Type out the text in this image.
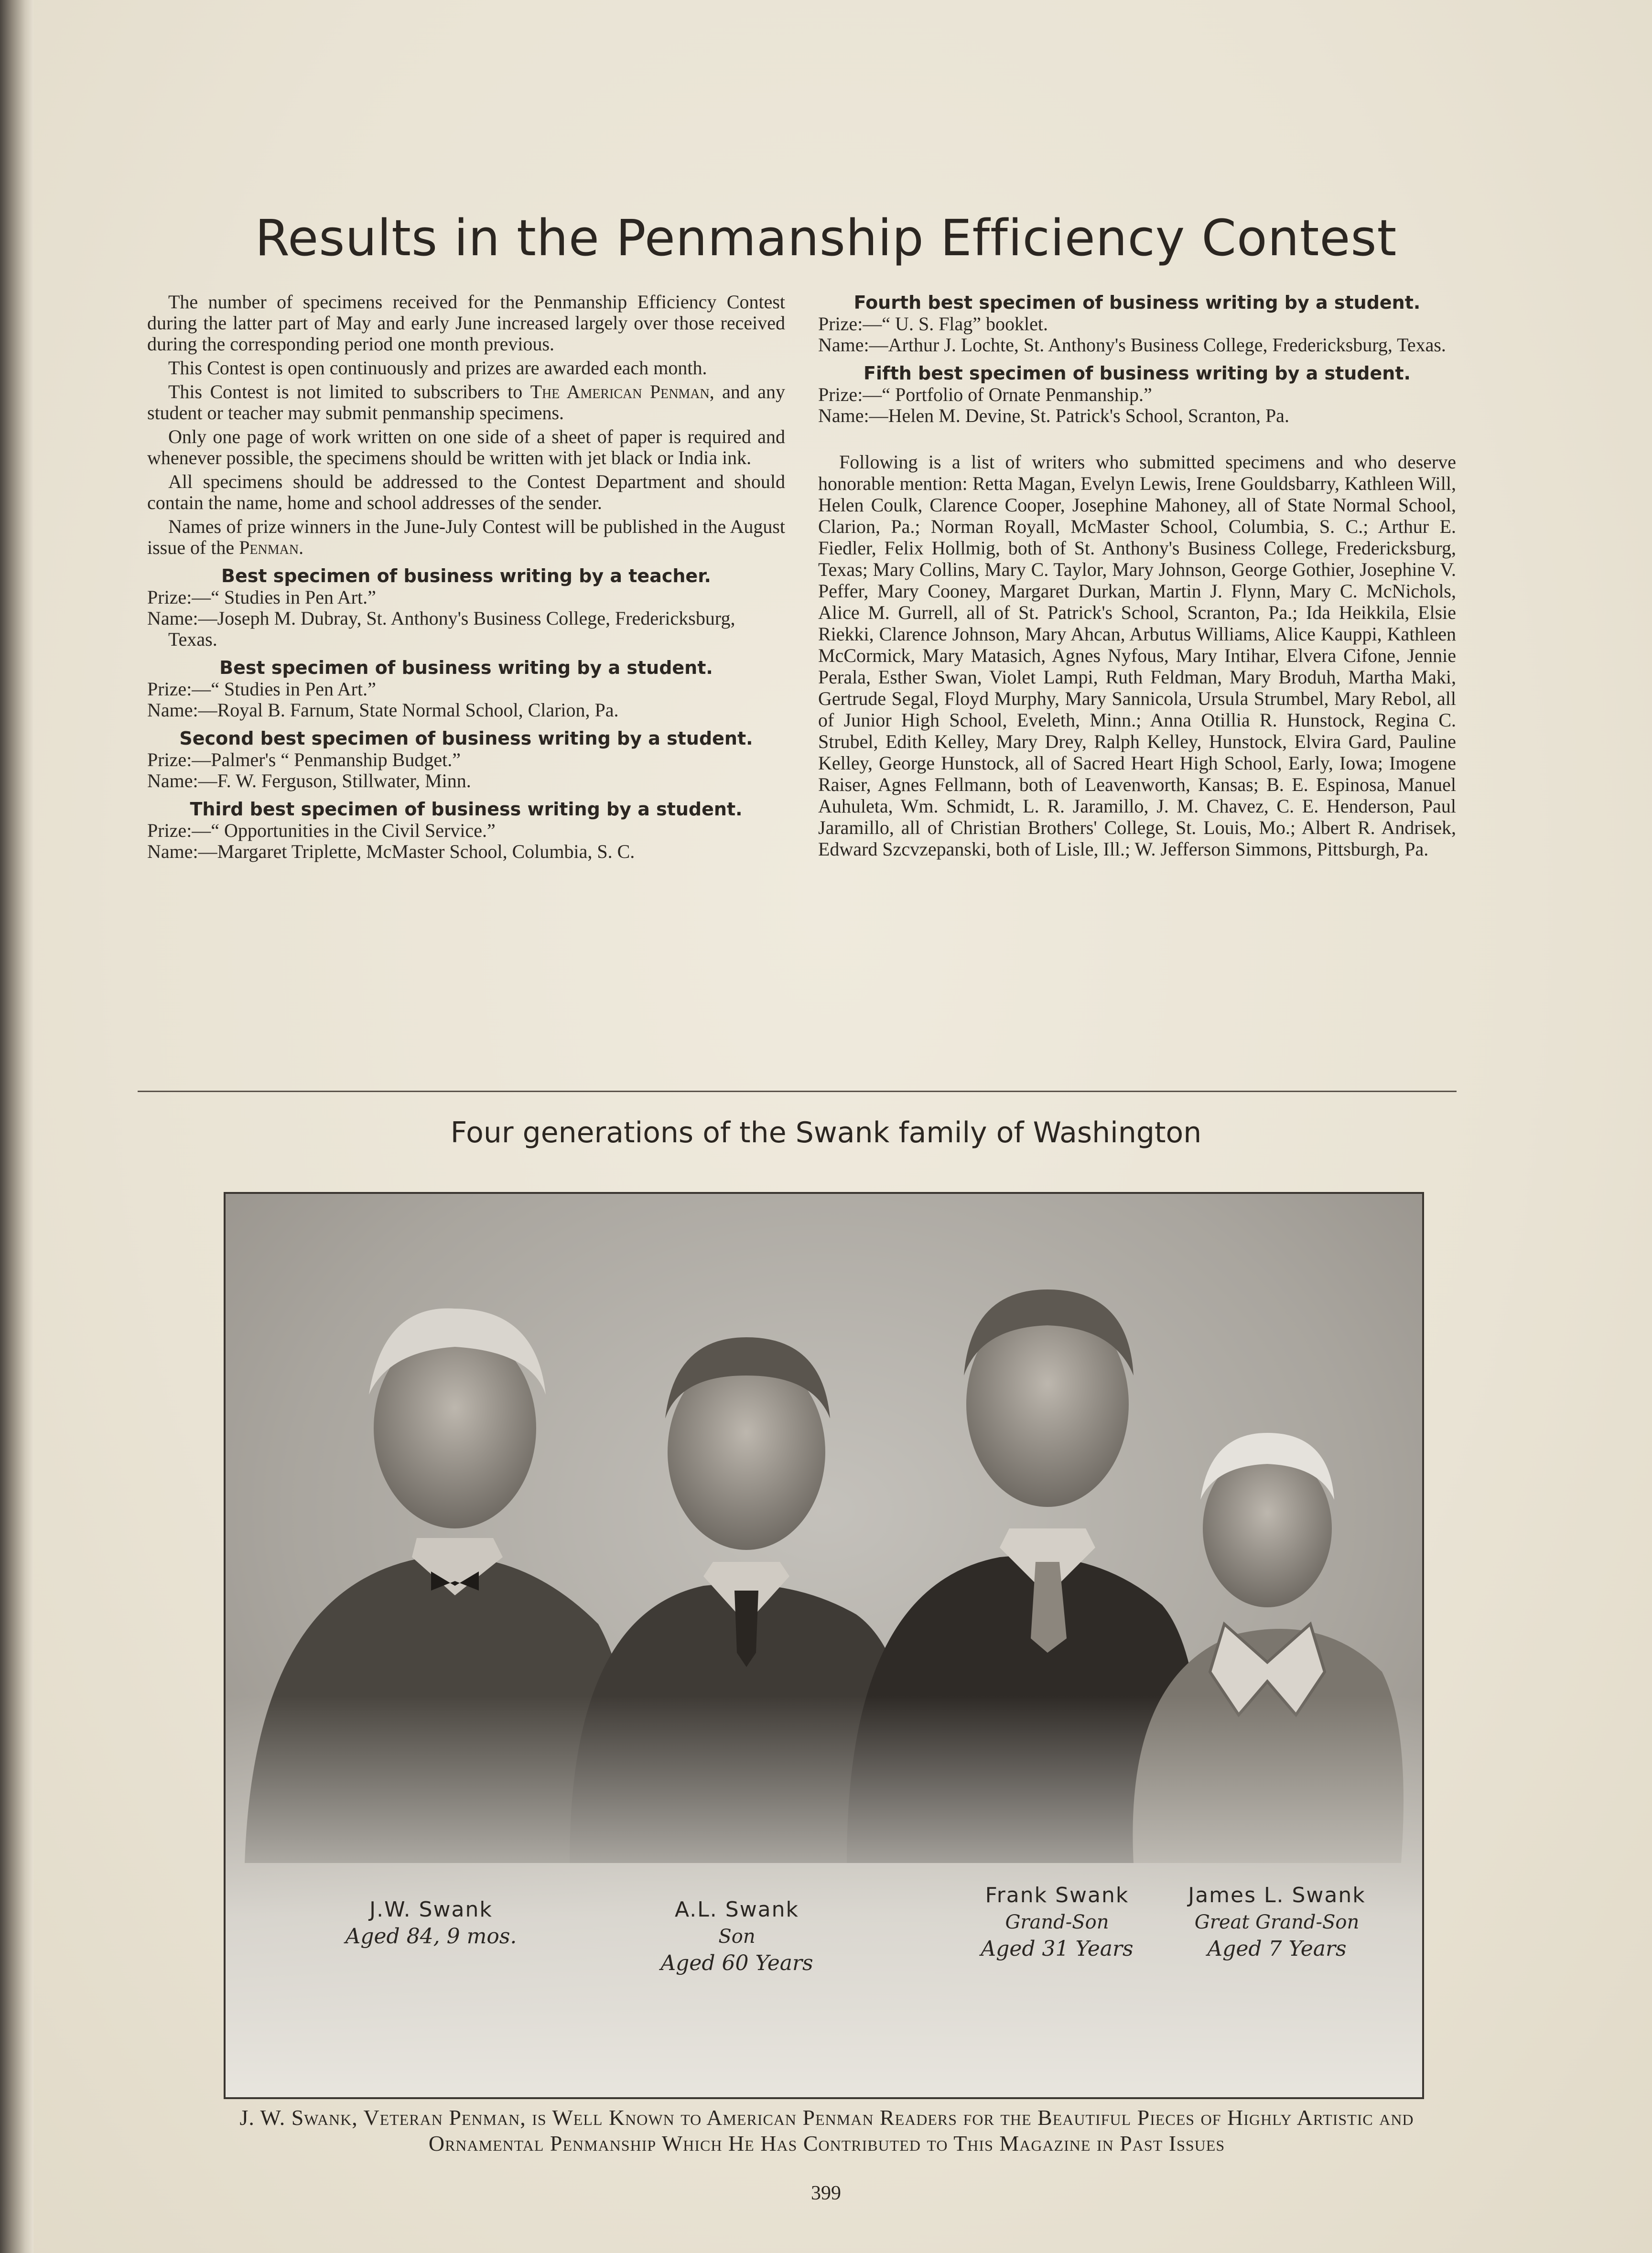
Results in the Penmanship Efficiency Contest

The number of specimens received for the Penmanship Efficiency Contest during the latter part of May and early June increased largely over those received during the corresponding period one month previous.

This Contest is open continuously and prizes are awarded each month.

This Contest is not limited to subscribers to The American Penman, and any student or teacher may submit penmanship specimens.

Only one page of work written on one side of a sheet of paper is required and whenever possible, the specimens should be written with jet black or India ink.

All specimens should be addressed to the Contest Department and should contain the name, home and school addresses of the sender.

Names of prize winners in the June-July Contest will be published in the August issue of the Penman.

Best specimen of business writing by a teacher.

Prize:—“ Studies in Pen Art.”

Name:—Joseph M. Dubray, St. Anthony's Business College, Fredericksburg, Texas.

Best specimen of business writing by a student.

Prize:—“ Studies in Pen Art.”

Name:—Royal B. Farnum, State Normal School, Clarion, Pa.

Second best specimen of business writing by a student.

Prize:—Palmer's “ Penmanship Budget.”

Name:—F. W. Ferguson, Stillwater, Minn.

Third best specimen of business writing by a student.

Prize:—“ Opportunities in the Civil Service.”

Name:—Margaret Triplette, McMaster School, Columbia, S. C.

Fourth best specimen of business writing by a student.

Prize:—“ U. S. Flag” booklet.

Name:—Arthur J. Lochte, St. Anthony's Business College, Fredericksburg, Texas.

Fifth best specimen of business writing by a student.

Prize:—“ Portfolio of Ornate Penmanship.”

Name:—Helen M. Devine, St. Patrick's School, Scranton, Pa.

Following is a list of writers who submitted specimens and who deserve honorable mention: Retta Magan, Evelyn Lewis, Irene Gouldsbarry, Kathleen Will, Helen Coulk, Clarence Cooper, Josephine Mahoney, all of State Normal School, Clarion, Pa.; Norman Royall, McMaster School, Columbia, S. C.; Arthur E. Fiedler, Felix Hollmig, both of St. Anthony's Business College, Fredericksburg, Texas; Mary Collins, Mary C. Taylor, Mary Johnson, George Gothier, Josephine V. Peffer, Mary Cooney, Margaret Durkan, Martin J. Flynn, Mary C. McNichols, Alice M. Gurrell, all of St. Patrick's School, Scranton, Pa.; Ida Heikkila, Elsie Riekki, Clarence Johnson, Mary Ahcan, Arbutus Williams, Alice Kauppi, Kathleen McCormick, Mary Matasich, Agnes Nyfous, Mary Intihar, Elvera Cifone, Jennie Perala, Esther Swan, Violet Lampi, Ruth Feldman, Mary Broduh, Martha Maki, Gertrude Segal, Floyd Murphy, Mary Sannicola, Ursula Strumbel, Mary Rebol, all of Junior High School, Eveleth, Minn.; Anna Otillia R. Hunstock, Regina C. Strubel, Edith Kelley, Mary Drey, Ralph Kelley, Hunstock, Elvira Gard, Pauline Kelley, George Hunstock, all of Sacred Heart High School, Early, Iowa; Imogene Raiser, Agnes Fellmann, both of Leavenworth, Kansas; B. E. Espinosa, Manuel Auhuleta, Wm. Schmidt, L. R. Jaramillo, J. M. Chavez, C. E. Henderson, Paul Jaramillo, all of Christian Brothers' College, St. Louis, Mo.; Albert R. Andrisek, Edward Szcvzepanski, both of Lisle, Ill.; W. Jefferson Simmons, Pittsburgh, Pa.

Four generations of the Swank family of Washington
J.W. Swank
Aged 84, 9 mos.
A.L. Swank
Son
Aged 60 Years
Frank Swank
Grand-Son
Aged 31 Years
James L. Swank
Great Grand-Son
Aged 7 Years
J. W. Swank, Veteran Penman, is Well Known to American Penman Readers for the Beautiful Pieces of Highly Artistic and Ornamental Penmanship Which He Has Contributed to This Magazine in Past Issues
399
